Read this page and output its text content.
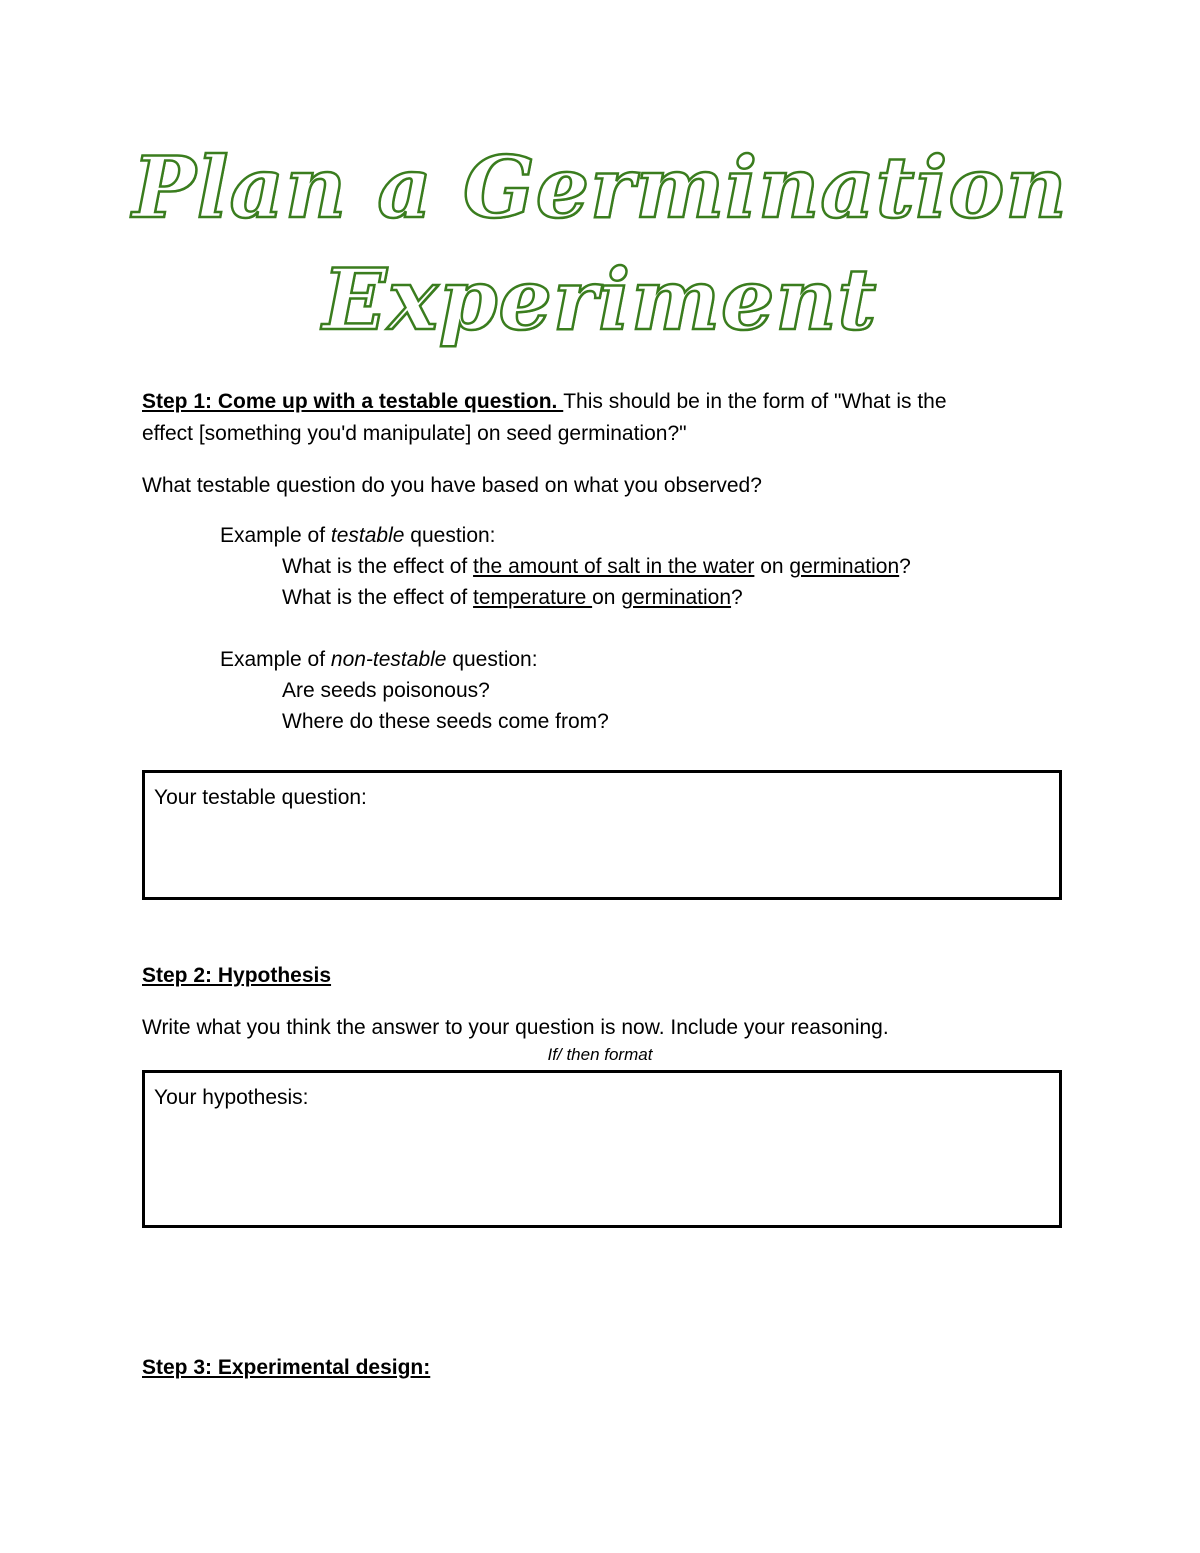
Plan a Germination
Experiment
Step 1: Come up with a testable question. This should be in the form of "What is the
effect [something you'd manipulate] on seed germination?"
What testable question do you have based on what you observed?
Example of testable question:
What is the effect of the amount of salt in the water on germination?
What is the effect of temperature on germination?
Example of non-testable question:
Are seeds poisonous?
Where do these seeds come from?
Your testable question:
Step 2: Hypothesis
Write what you think the answer to your question is now. Include your reasoning.
If/ then format
Your hypothesis:
Step 3: Experimental design:
